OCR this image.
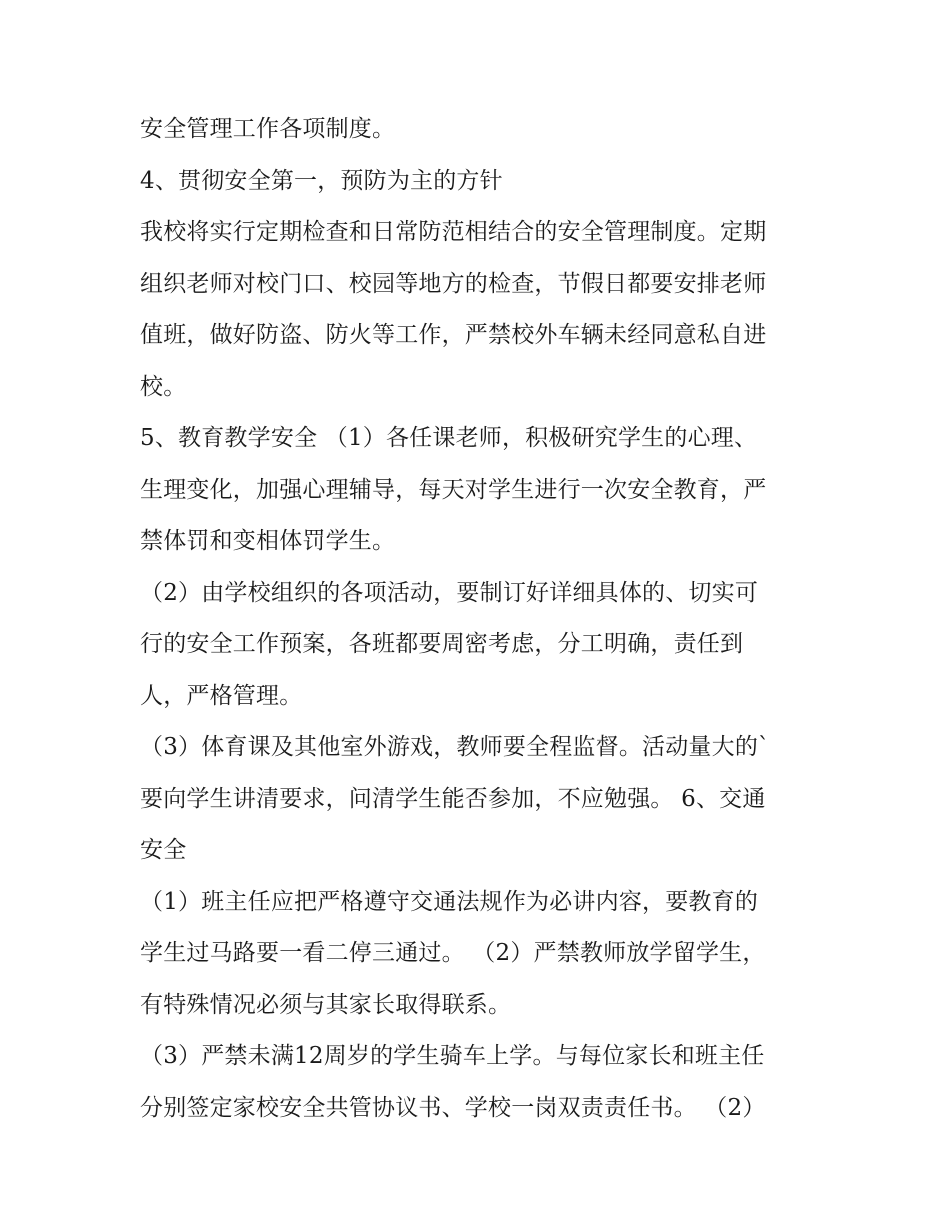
安全管理工作各项制度。
4、贯彻安全第一，预防为主的方针
我校将实行定期检查和日常防范相结合的安全管理制度。定期
组织老师对校门口、校园等地方的检查，节假日都要安排老师
值班，做好防盗、防火等工作，严禁校外车辆未经同意私自进
校。
5、教育教学安全 （1）各任课老师，积极研究学生的心理、
生理变化，加强心理辅导，每天对学生进行一次安全教育，严
禁体罚和变相体罚学生。
（2）由学校组织的各项活动，要制订好详细具体的、切实可
行的安全工作预案，各班都要周密考虑，分工明确，责任到
人，严格管理。
（3）体育课及其他室外游戏，教师要全程监督。活动量大的`
要向学生讲清要求，问清学生能否参加，不应勉强。 6、交通
安全
（1）班主任应把严格遵守交通法规作为必讲内容，要教育的
学生过马路要一看二停三通过。 （2）严禁教师放学留学生，
有特殊情况必须与其家长取得联系。
（3）严禁未满12周岁的学生骑车上学。与每位家长和班主任
分别签定家校安全共管协议书、学校一岗双责责任书。 （2）
